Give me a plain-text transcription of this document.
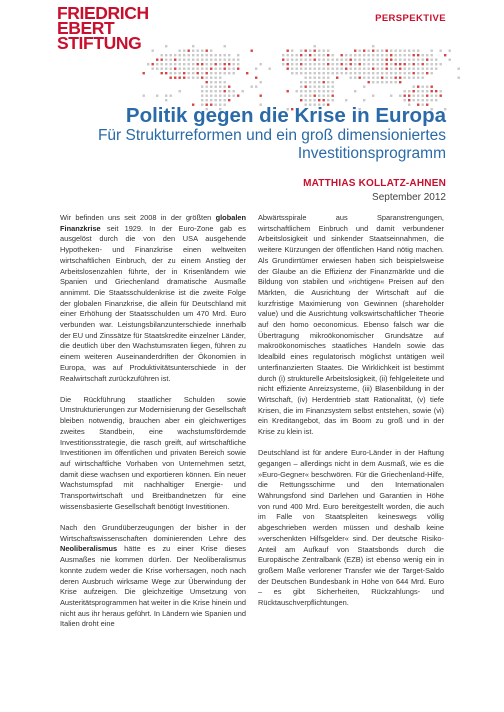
FRIEDRICH
EBERT
STIFTUNG
PERSPEKTIVE
Politik gegen die Krise in Europa

Für Strukturreformen und ein groß dimensioniertes Investitionsprogramm

MATTHIAS KOLLATZ-AHNEN
September 2012

Wir befinden uns seit 2008 in der größten globalen Finanzkrise seit 1929. In der Euro-Zone gab es ausgelöst durch die von den USA ausgehende Hypotheken- und Finanzkrise einen weltweiten wirtschaftlichen Einbruch, der zu einem Anstieg der Arbeitslosenzahlen führte, der in Krisenländern wie Spanien und Griechenland dramatische Ausmaße annimmt. Die Staatsschuldenkrise ist die zweite Folge der globalen Finanzkrise, die allein für Deutschland mit einer Erhöhung der Staatsschulden um 470 Mrd. Euro verbunden war. Leistungsbilanzunterschiede innerhalb der EU und Zinssätze für Staatskredite einzelner Länder, die deutlich über den Wachstumsraten liegen, führen zu einem weiteren Auseinanderdriften der Ökonomien in Europa, was auf Produktivitätsunterschiede in der Realwirtschaft zurückzuführen ist.

Die Rückführung staatlicher Schulden sowie Umstrukturierungen zur Modernisierung der Gesellschaft bleiben notwendig, brauchen aber ein gleichwertiges zweites Standbein, eine wachstumsfördernde Investitionsstrategie, die rasch greift, auf wirtschaftliche Investitionen im öffentlichen und privaten Bereich sowie auf wirtschaftliche Vorhaben von Unternehmen setzt, damit diese wachsen und exportieren können. Ein neuer Wachstumspfad mit nachhaltiger Energie- und Transportwirtschaft und Breitbandnetzen für eine wissensbasierte Gesellschaft benötigt Investitionen.

Nach den Grundüberzeugungen der bisher in der Wirtschaftswissenschaften dominierenden Lehre des Neoliberalismus hätte es zu einer Krise dieses Ausmaßes nie kommen dürfen. Der Neoliberalismus konnte zudem weder die Krise vorhersagen, noch nach deren Ausbruch wirksame Wege zur Überwindung der Krise aufzeigen. Die gleichzeitige Umsetzung von Austeritätsprogrammen hat weiter in die Krise hinein und nicht aus ihr heraus geführt. In Ländern wie Spanien und Italien droht eine

Abwärtsspirale aus Sparanstrengungen, wirtschaftlichem Einbruch und damit verbundener Arbeitslosigkeit und sinkender Staatseinnahmen, die weitere Kürzungen der öffentlichen Hand nötig machen. Als Grundirrtümer erwiesen haben sich beispielsweise der Glaube an die Effizienz der Finanzmärkte und die Bildung von stabilen und »richtigen« Preisen auf den Märkten, die Ausrichtung der Wirtschaft auf die kurzfristige Maximierung von Gewinnen (shareholder value) und die Ausrichtung volkswirtschaftlicher Theorie auf den homo oeconomicus. Ebenso falsch war die Übertragung mikroökonomischer Grundsätze auf makroökonomisches staatliches Handeln sowie das Idealbild eines regulatorisch möglichst untätigen weil unterfinanzierten Staates. Die Wirklichkeit ist bestimmt durch (i) strukturelle Arbeitslosigkeit, (ii) fehlgeleitete und nicht effiziente Anreizsysteme, (iii) Blasenbildung in der Wirtschaft, (iv) Herdentrieb statt Rationalität, (v) tiefe Krisen, die im Finanzsystem selbst entstehen, sowie (vi) ein Kreditangebot, das im Boom zu groß und in der Krise zu klein ist.

Deutschland ist für andere Euro-Länder in der Haftung gegangen – allerdings nicht in dem Ausmaß, wie es die »Euro-Gegner« beschwören. Für die Griechenland-Hilfe, die Rettungsschirme und den Internationalen Währungsfond sind Darlehen und Garantien in Höhe von rund 400 Mrd. Euro bereitgestellt worden, die auch im Falle von Staatspleiten keineswegs völlig abgeschrieben werden müssen und deshalb keine »verschenkten Hilfsgelder« sind. Der deutsche Risiko-Anteil am Aufkauf von Staatsbonds durch die Europäische Zentralbank (EZB) ist ebenso wenig ein in großem Maße verlorener Transfer wie der Target-Saldo der Deutschen Bundesbank in Höhe von 644 Mrd. Euro – es gibt Sicherheiten, Rückzahlungs- und Rücktauschverpflichtungen.
